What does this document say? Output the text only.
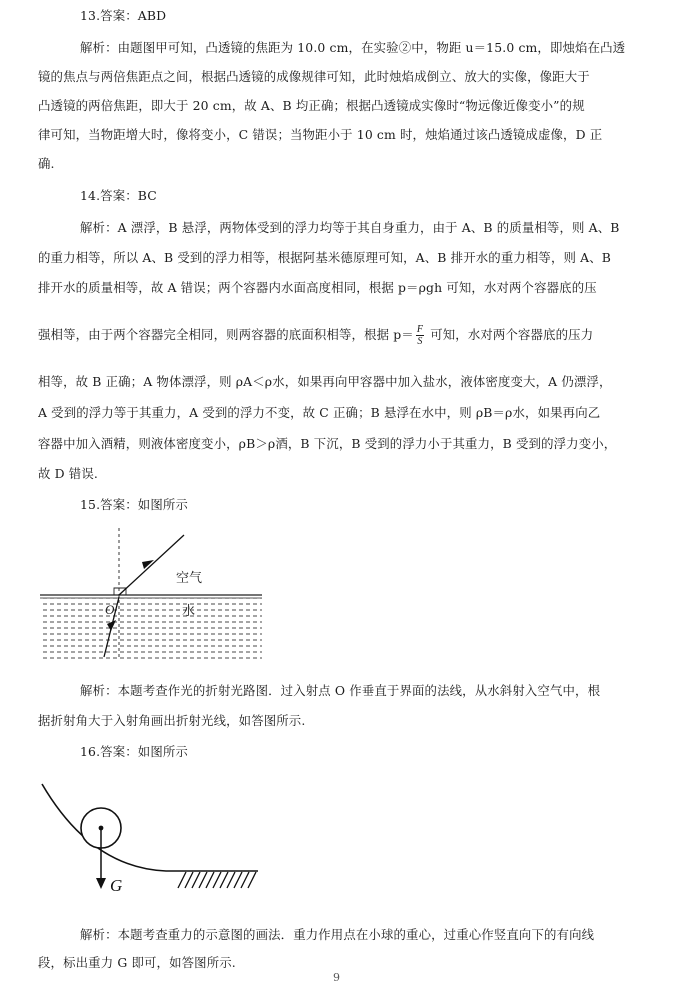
13.答案：ABD
解析：由题图甲可知，凸透镜的焦距为 10.0 cm，在实验②中，物距 u＝15.0 cm，即烛焰在凸透
镜的焦点与两倍焦距点之间，根据凸透镜的成像规律可知，此时烛焰成倒立、放大的实像，像距大于
凸透镜的两倍焦距，即大于 20 cm，故 A、B 均正确；根据凸透镜成实像时“物远像近像变小”的规
律可知，当物距增大时，像将变小，C 错误；当物距小于 10 cm 时，烛焰通过该凸透镜成虚像，D 正
确.
14.答案：BC
解析：A 漂浮，B 悬浮，两物体受到的浮力均等于其自身重力，由于 A、B 的质量相等，则 A、B
的重力相等，所以 A、B 受到的浮力相等，根据阿基米德原理可知，A、B 排开水的重力相等，则 A、B
排开水的质量相等，故 A 错误；两个容器内水面高度相同，根据 p＝ρgh 可知，水对两个容器底的压
强相等，由于两个容器完全相同，则两容器的底面积相等，根据 $p= \frac{F}{S}$ 可知，水对两个容器底的压力
相等，故 B 正确；A 物体漂浮，则 ρA＜ρ水，如果再向甲容器中加入盐水，液体密度变大，A 仍漂浮，
A 受到的浮力等于其重力，A 受到的浮力不变，故 C 正确；B 悬浮在水中，则 ρB＝ρ水，如果再向乙
容器中加入酒精，则液体密度变小，ρB＞ρ酒，B 下沉，B 受到的浮力小于其重力，B 受到的浮力变小，
故 D 错误.
15.答案：如图所示
空气
水
O
解析：本题考查作光的折射光路图．过入射点 O 作垂直于界面的法线，从水斜射入空气中，根
据折射角大于入射角画出折射光线，如答图所示.
16.答案：如图所示
G
解析：本题考查重力的示意图的画法．重力作用点在小球的重心，过重心作竖直向下的有向线
段，标出重力 G 即可，如答图所示.
9
